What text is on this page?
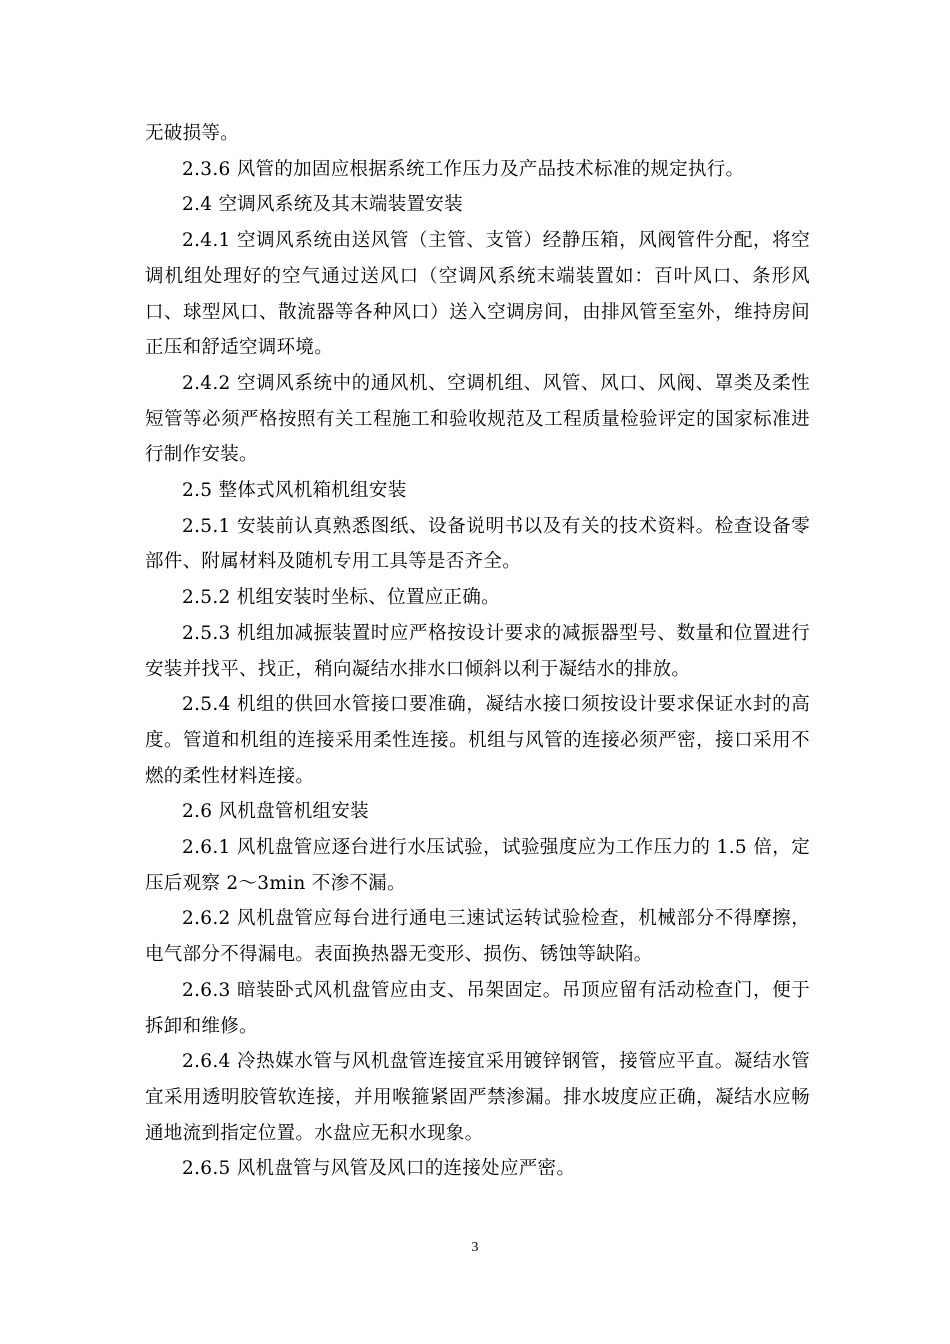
无破损等。

2.3.6 风管的加固应根据系统工作压力及产品技术标准的规定执行。

2.4 空调风系统及其末端装置安装

2.4.1 空调风系统由送风管（主管、支管）经静压箱，风阀管件分配，将空调机组处理好的空气通过送风口（空调风系统末端装置如：百叶风口、条形风口、球型风口、散流器等各种风口）送入空调房间，由排风管至室外，维持房间正压和舒适空调环境。

2.4.2 空调风系统中的通风机、空调机组、风管、风口、风阀、罩类及柔性短管等必须严格按照有关工程施工和验收规范及工程质量检验评定的国家标准进行制作安装。

2.5 整体式风机箱机组安装

2.5.1 安装前认真熟悉图纸、设备说明书以及有关的技术资料。检查设备零部件、附属材料及随机专用工具等是否齐全。

2.5.2 机组安装时坐标、位置应正确。

2.5.3 机组加减振装置时应严格按设计要求的减振器型号、数量和位置进行安装并找平、找正，稍向凝结水排水口倾斜以利于凝结水的排放。

2.5.4 机组的供回水管接口要准确，凝结水接口须按设计要求保证水封的高度。管道和机组的连接采用柔性连接。机组与风管的连接必须严密，接口采用不燃的柔性材料连接。

2.6 风机盘管机组安装

2.6.1 风机盘管应逐台进行水压试验，试验强度应为工作压力的 1.5 倍，定压后观察 2～3min 不渗不漏。

2.6.2 风机盘管应每台进行通电三速试运转试验检查，机械部分不得摩擦，电气部分不得漏电。表面换热器无变形、损伤、锈蚀等缺陷。

2.6.3 暗装卧式风机盘管应由支、吊架固定。吊顶应留有活动检查门，便于拆卸和维修。

2.6.4 冷热媒水管与风机盘管连接宜采用镀锌钢管，接管应平直。凝结水管宜采用透明胶管软连接，并用喉箍紧固严禁渗漏。排水坡度应正确，凝结水应畅通地流到指定位置。水盘应无积水现象。

2.6.5 风机盘管与风管及风口的连接处应严密。

3
